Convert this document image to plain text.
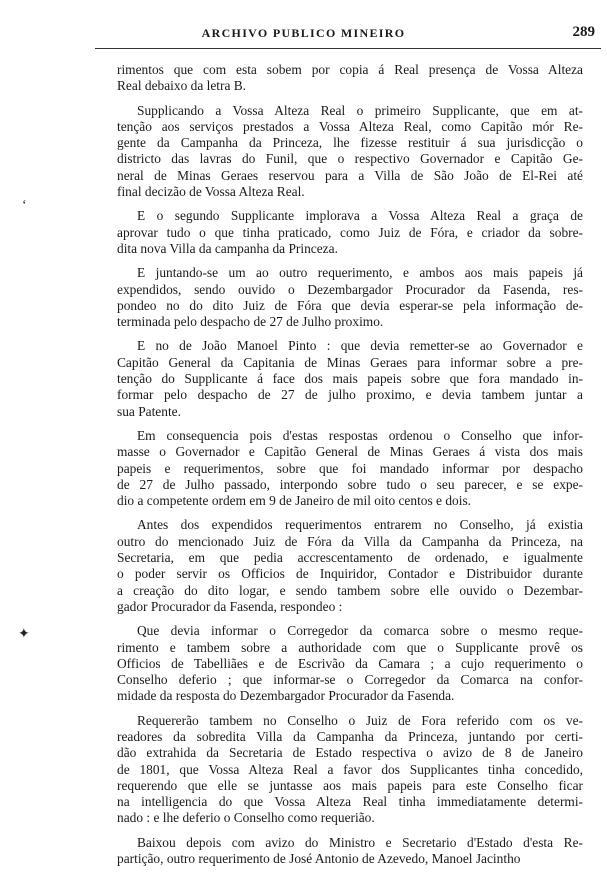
ARCHIVO PUBLICO MINEIRO	289
‘
✦
rimentos que com esta sobem por copia á Real presença de Vossa Alteza
Real debaixo da letra B.
Supplicando a Vossa Alteza Real o primeiro Supplicante, que em at-
tenção aos serviços prestados a Vossa Alteza Real, como Capitão mór Re-
gente da Campanha da Princeza, lhe fizesse restituir á sua jurisdicção o
districto das lavras do Funil, que o respectivo Governador e Capitão Ge-
neral de Minas Geraes reservou para a Villa de São João de El-Rei até
final decizão de Vossa Alteza Real.
E o segundo Supplicante implorava a Vossa Alteza Real a graça de
aprovar tudo o que tinha praticado, como Juiz de Fóra, e criador da sobre-
dita nova Villa da campanha da Princeza.
E juntando-se um ao outro requerimento, e ambos aos mais papeis já
expendidos, sendo ouvido o Dezembargador Procurador da Fasenda, res-
pondeo no do dito Juiz de Fóra que devia esperar-se pela informação de-
terminada pelo despacho de 27 de Julho proximo.
E no de João Manoel Pinto : que devia remetter-se ao Governador e
Capitão General da Capitania de Minas Geraes para informar sobre a pre-
tenção do Supplicante á face dos mais papeis sobre que fora mandado in-
formar pelo despacho de 27 de julho proximo, e devia tambem juntar a
sua Patente.
Em consequencia pois d'estas respostas ordenou o Conselho que infor-
masse o Governador e Capitão General de Minas Geraes á vista dos mais
papeis e requerimentos, sobre que foi mandado informar por despacho
de 27 de Julho passado, interpondo sobre tudo o seu parecer, e se expe-
dio a competente ordem em 9 de Janeiro de mil oito centos e dois.
Antes dos expendidos requerimentos entrarem no Conselho, já existia
outro do mencionado Juiz de Fóra da Villa da Campanha da Princeza, na
Secretaria, em que pedia accrescentamento de ordenado, e igualmente
o poder servir os Officios de Inquiridor, Contador e Distribuidor durante
a creação do dito logar, e sendo tambem sobre elle ouvido o Dezembar-
gador Procurador da Fasenda, respondeo :
Que devia informar o Corregedor da comarca sobre o mesmo reque-
rimento e tambem sobre a authoridade com que o Supplicante provê os
Officios de Tabelliães e de Escrivão da Camara ; a cujo requerimento o
Conselho deferio ; que informar-se o Corregedor da Comarca na confor-
midade da resposta do Dezembargador Procurador da Fasenda.
Requererão tambem no Conselho o Juiz de Fora referido com os ve-
readores da sobredita Villa da Campanha da Princeza, juntando por certi-
dão extrahida da Secretaria de Estado respectiva o avizo de 8 de Janeiro
de 1801, que Vossa Alteza Real a favor dos Supplicantes tinha concedido,
requerendo que elle se juntasse aos mais papeis para este Conselho ficar
na intelligencia do que Vossa Alteza Real tinha immediatamente determi-
nado : e lhe deferio o Conselho como requerião.
Baixou depois com avizo do Ministro e Secretario d'Estado d'esta Re-
partição, outro requerimento de José Antonio de Azevedo, Manoel Jacintho
